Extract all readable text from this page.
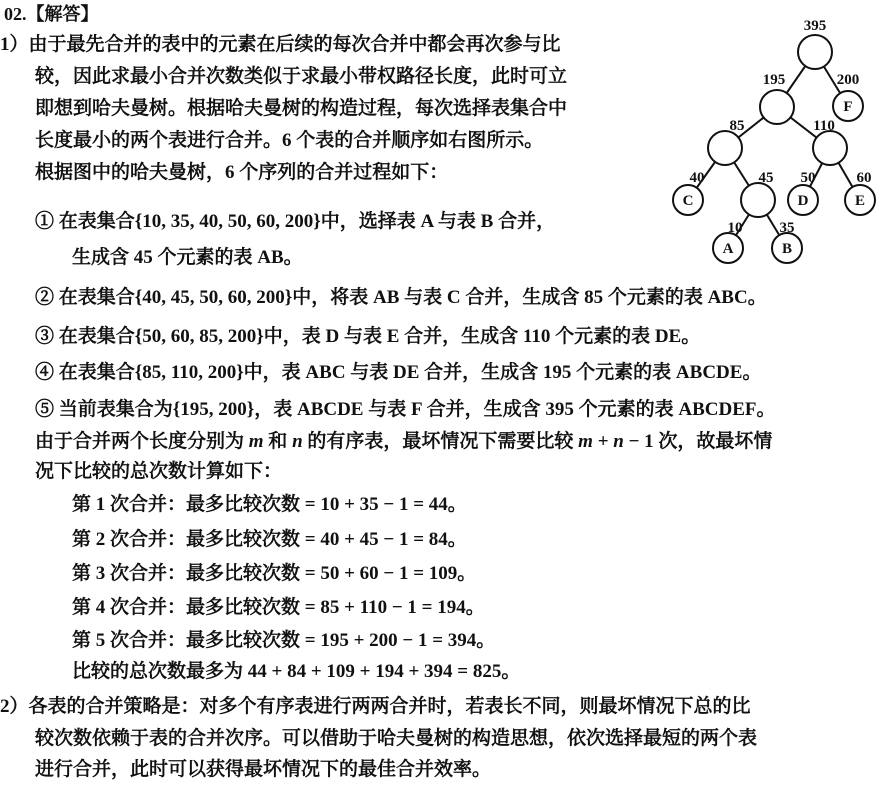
02.【解答】
1）由于最先合并的表中的元素在后续的每次合并中都会再次参与比
较，因此求最小合并次数类似于求最小带权路径长度，此时可立
即想到哈夫曼树。根据哈夫曼树的构造过程，每次选择表集合中
长度最小的两个表进行合并。6 个表的合并顺序如右图所示。
根据图中的哈夫曼树，6 个序列的合并过程如下：
① 在表集合{10, 35, 40, 50, 60, 200}中，选择表 A 与表 B 合并，
生成含 45 个元素的表 AB。
② 在表集合{40, 45, 50, 60, 200}中，将表 AB 与表 C 合并，生成含 85 个元素的表 ABC。
③ 在表集合{50, 60, 85, 200}中，表 D 与表 E 合并，生成含 110 个元素的表 DE。
④ 在表集合{85, 110, 200}中，表 ABC 与表 DE 合并，生成含 195 个元素的表 ABCDE。
⑤ 当前表集合为{195, 200}，表 ABCDE 与表 F 合并，生成含 395 个元素的表 ABCDEF。
由于合并两个长度分别为 m 和 n 的有序表，最坏情况下需要比较 m + n − 1 次，故最坏情
况下比较的总次数计算如下：
第 1 次合并：最多比较次数 = 10 + 35 − 1 = 44。
第 2 次合并：最多比较次数 = 40 + 45 − 1 = 84。
第 3 次合并：最多比较次数 = 50 + 60 − 1 = 109。
第 4 次合并：最多比较次数 = 85 + 110 − 1 = 194。
第 5 次合并：最多比较次数 = 195 + 200 − 1 = 394。
比较的总次数最多为 44 + 84 + 109 + 194 + 394 = 825。
2）各表的合并策略是：对多个有序表进行两两合并时，若表长不同，则最坏情况下总的比
较次数依赖于表的合并次序。可以借助于哈夫曼树的构造思想，依次选择最短的两个表
进行合并，此时可以获得最坏情况下的最佳合并效率。
F
C	D	E
A	B
395
195	200
85	110
40	45 50	60
10 35
